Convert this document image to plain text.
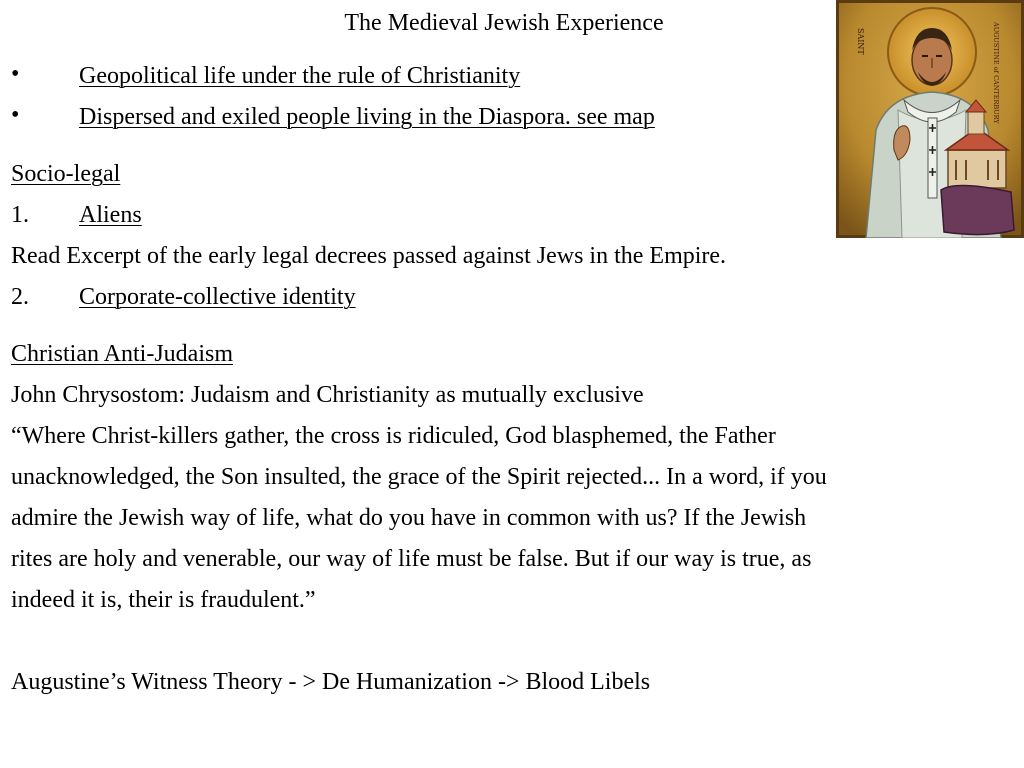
The Medieval Jewish Experience
• Geopolitical life under the rule of Christianity
• Dispersed and exiled people living in the Diaspora. see map
Socio-legal
1. Aliens
Read Excerpt of the early legal decrees passed against Jews in the Empire.
2. Corporate-collective identity
Christian Anti-Judaism
John Chrysostom: Judaism and Christianity as mutually exclusive
“Where Christ-killers gather, the cross is ridiculed, God blasphemed, the Father
unacknowledged, the Son insulted, the grace of the Spirit rejected... In a word, if you
admire the Jewish way of life, what do you have in common with us? If the Jewish
rites are holy and venerable, our way of life must be false. But if our way is true, as
indeed it is, their is fraudulent.”
Augustine’s Witness Theory - > De Humanization -> Blood Libels
SAINT	AUGUSTINE of CANTERBURY
